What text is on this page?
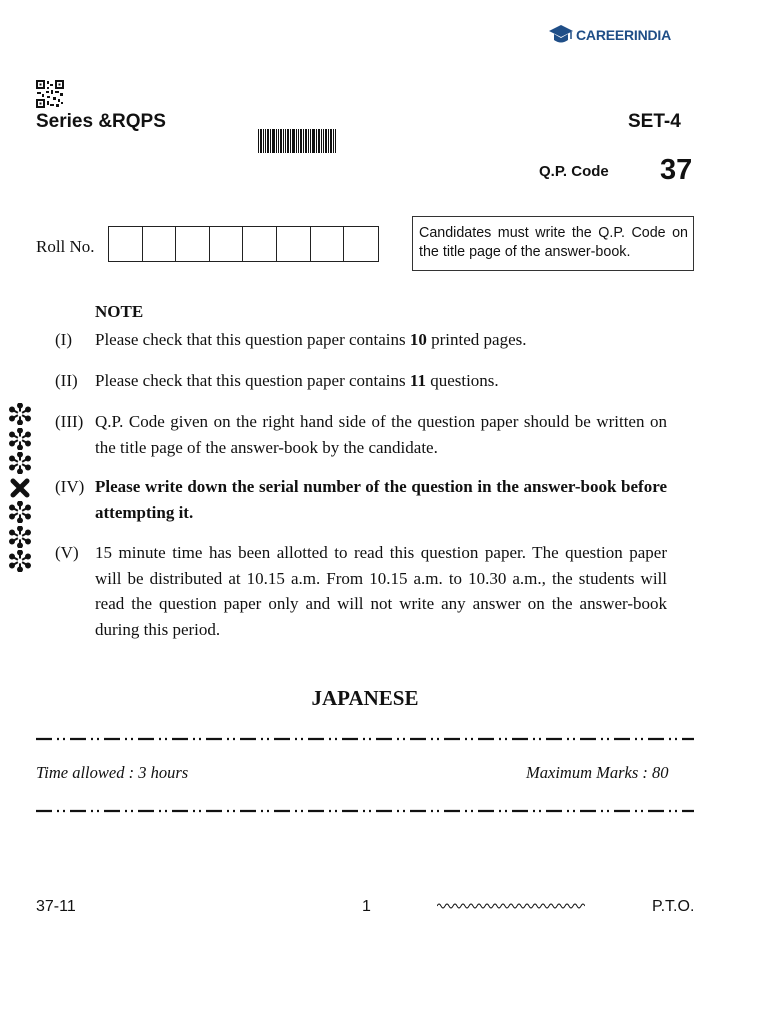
CAREER INDIA
Series &RQPS	SET-4
Q.P. Code 37
Roll No.
Candidates must write the Q.P. Code on the title page of the answer-book.
NOTE
(I) Please check that this question paper contains 10 printed pages.
(II) Please check that this question paper contains 11 questions.
(III) Q.P. Code given on the right hand side of the question paper should be written on the title page of the answer-book by the candidate.
(IV) Please write down the serial number of the question in the answer-book before attempting it.
(V) 15 minute time has been allotted to read this question paper. The question paper will be distributed at 10.15 a.m. From 10.15 a.m. to 10.30 a.m., the students will read the question paper only and will not write any answer on the answer-book during this period.
JAPANESE
Time allowed : 3 hours	Maximum Marks : 80
37-11	1	P.T.O.
